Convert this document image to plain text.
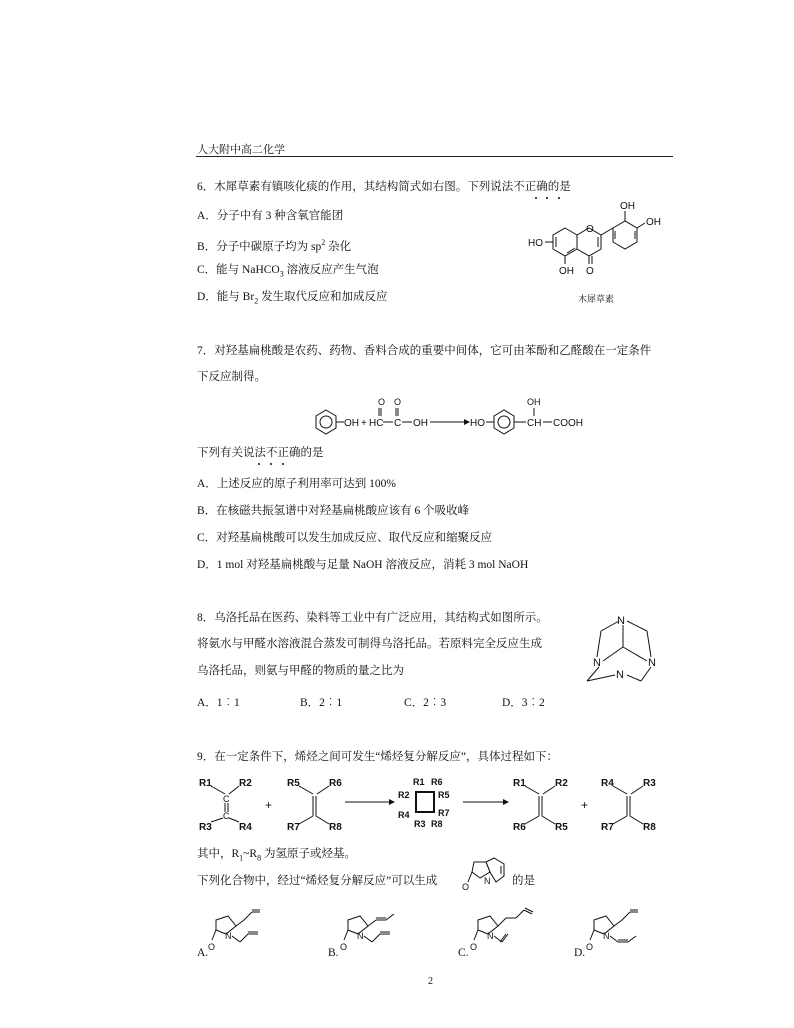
人大附中高二化学
6．木犀草素有镇咳化痰的作用，其结构简式如右图。下列说法不正确的是
A．分子中有 3 种含氧官能团
B．分子中碳原子均为 $sp^2$ 杂化
C．能与 NaHCO$_3$ 溶液反应产生气泡
D．能与 $Br_2$ 发生取代反应和加成反应
OH
OH
HO
OH
O
O
木犀草素
7．对羟基扁桃酸是农药、药物、香料合成的重要中间体，它可由苯酚和乙醛酸在一定条件
下反应制得。
OH + HC
O
C
O
OH	HO	CH
OH
COOH
下列有关说法不正确的是
A．上述反应的原子利用率可达到 100%
B．在核磁共振氢谱中对羟基扁桃酸应该有 6 个吸收峰
C．对羟基扁桃酸可以发生加成反应、取代反应和缩聚反应
D．1 mol 对羟基扁桃酸与足量 NaOH 溶液反应，消耗 3 mol NaOH
8．乌洛托品在医药、染料等工业中有广泛应用，其结构式如图所示。
将氨水与甲醛水溶液混合蒸发可制得乌洛托品。若原料完全反应生成
乌洛托品，则氨与甲醛的物质的量之比为
A．1︰1	B．2︰1	C．2︰3	D．3︰2
N
N	N
N
9．在一定条件下，烯烃之间可发生“烯烃复分解反应”，具体过程如下：
R1	R2
R3	R4
C
C
+
R5	R6
R7	R8
R1 R6
R2	R5
R4	R7
R3 R8
R1	R2
R6	R5
+
R4	R3
R7	R8
其中，$R_1\sim R_8$ 为氢原子或烃基。
下列化合物中，经过“烯烃复分解反应”可以生成	的是
N
O
A.
N
O	B.
N
O	C.
N
O	D.
N
O
2
